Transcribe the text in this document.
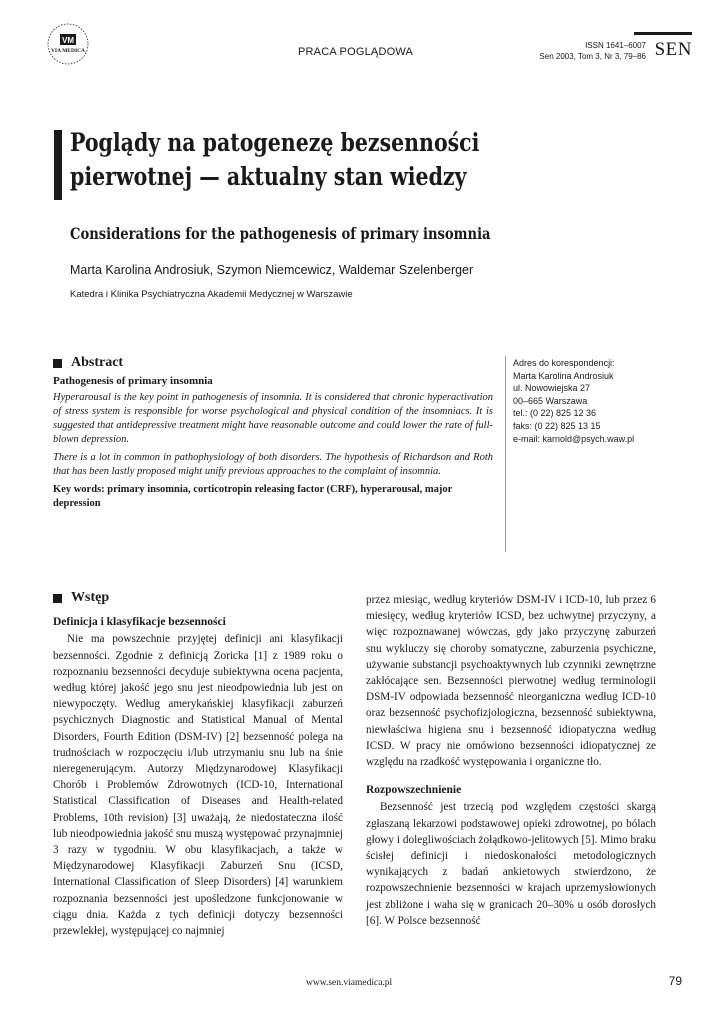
VM
VIA MEDICA	PRACA POGLĄDOWA
ISSN 1641–6007
Sen 2003, Tom 3, Nr 3, 79–86 SEN
Poglądy na patogenezę bezsenności
pierwotnej — aktualny stan wiedzy
Considerations for the pathogenesis of primary insomnia
Marta Karolina Androsiuk, Szymon Niemcewicz, Waldemar Szelenberger
Katedra i Klinika Psychiatryczna Akademii Medycznej w Warszawie
Abstract
Pathogenesis of primary insomnia

Hyperarousal is the key point in pathogenesis of insomnia. It is considered that chronic hyperactivation of stress system is responsible for worse psychological and physical condition of the insomniacs. It is suggested that antidepressive treatment might have reasonable outcome and could lower the rate of full-blown depression.

There is a lot in common in pathophysiology of both disorders. The hypothesis of Richardson and Roth that has been lastly proposed might unify previous approaches to the complaint of insomnia.

Key words: primary insomnia, corticotropin releasing factor (CRF), hyperarousal, major depression
Adres do korespondencji:
Marta Karolina Androsiuk
ul. Nowowiejska 27
00–665 Warszawa
tel.: (0 22) 825 12 36
faks: (0 22) 825 13 15
e-mail: karnold@psych.waw.pl
Wstęp
Definicja i klasyfikacje bezsenności

Nie ma powszechnie przyjętej definicji ani klasyfikacji bezsenności. Zgodnie z definicją Zoricka [1] z 1989 roku o rozpoznaniu bezsenności decyduje subiektywna ocena pacjenta, według której jakość jego snu jest nieodpowiednia lub jest on niewypoczęty. Według amerykańskiej klasyfikacji zaburzeń psychicznych Diagnostic and Statistical Manual of Mental Disorders, Fourth Edition (DSM-IV) [2] bezsenność polega na trudnościach w rozpoczęciu i/lub utrzymaniu snu lub na śnie nieregenerującym. Autorzy Międzynarodowej Klasyfikacji Chorób i Problemów Zdrowotnych (ICD-10, International Statistical Classification of Diseases and Health-related Problems, 10th revision) [3] uważają, że niedostateczna ilość lub nieodpowiednia jakość snu muszą występować przynajmniej 3 razy w tygodniu. W obu klasyfikacjach, a także w Międzynarodowej Klasyfikacji Zaburzeń Snu (ICSD, International Classification of Sleep Disorders) [4] warunkiem rozpoznania bezsenności jest upośledzone funkcjonowanie w ciągu dnia. Każda z tych definicji dotyczy bezsenności przewlekłej, występującej co najmniej

przez miesiąc, według kryteriów DSM-IV i ICD-10, lub przez 6 miesięcy, według kryteriów ICSD, bez uchwytnej przyczyny, a więc rozpoznawanej wówczas, gdy jako przyczynę zaburzeń snu wykluczy się choroby somatyczne, zaburzenia psychiczne, używanie substancji psychoaktywnych lub czynniki zewnętrzne zakłócające sen. Bezsenności pierwotnej według terminologii DSM-IV odpowiada bezsenność nieorganiczna według ICD-10 oraz bezsenność psychofizjologiczna, bezsenność subiektywna, niewłaściwa higiena snu i bezsenność idiopatyczna według ICSD. W pracy nie omówiono bezsenności idiopatycznej ze względu na rzadkość występowania i organiczne tło.

Rozpowszechnienie

Bezsenność jest trzecią pod względem częstości skargą zgłaszaną lekarzowi podstawowej opieki zdrowotnej, po bólach głowy i dolegliwościach żołądkowo-jelitowych [5]. Mimo braku ścisłej definicji i niedoskonałości metodologicznych wynikających z badań ankietowych stwierdzono, że rozpowszechnienie bezsenności w krajach uprzemysłowionych jest zbliżone i waha się w granicach 20–30% u osób dorosłych [6]. W Polsce bezsenność

www.sen.viamedica.pl	79
